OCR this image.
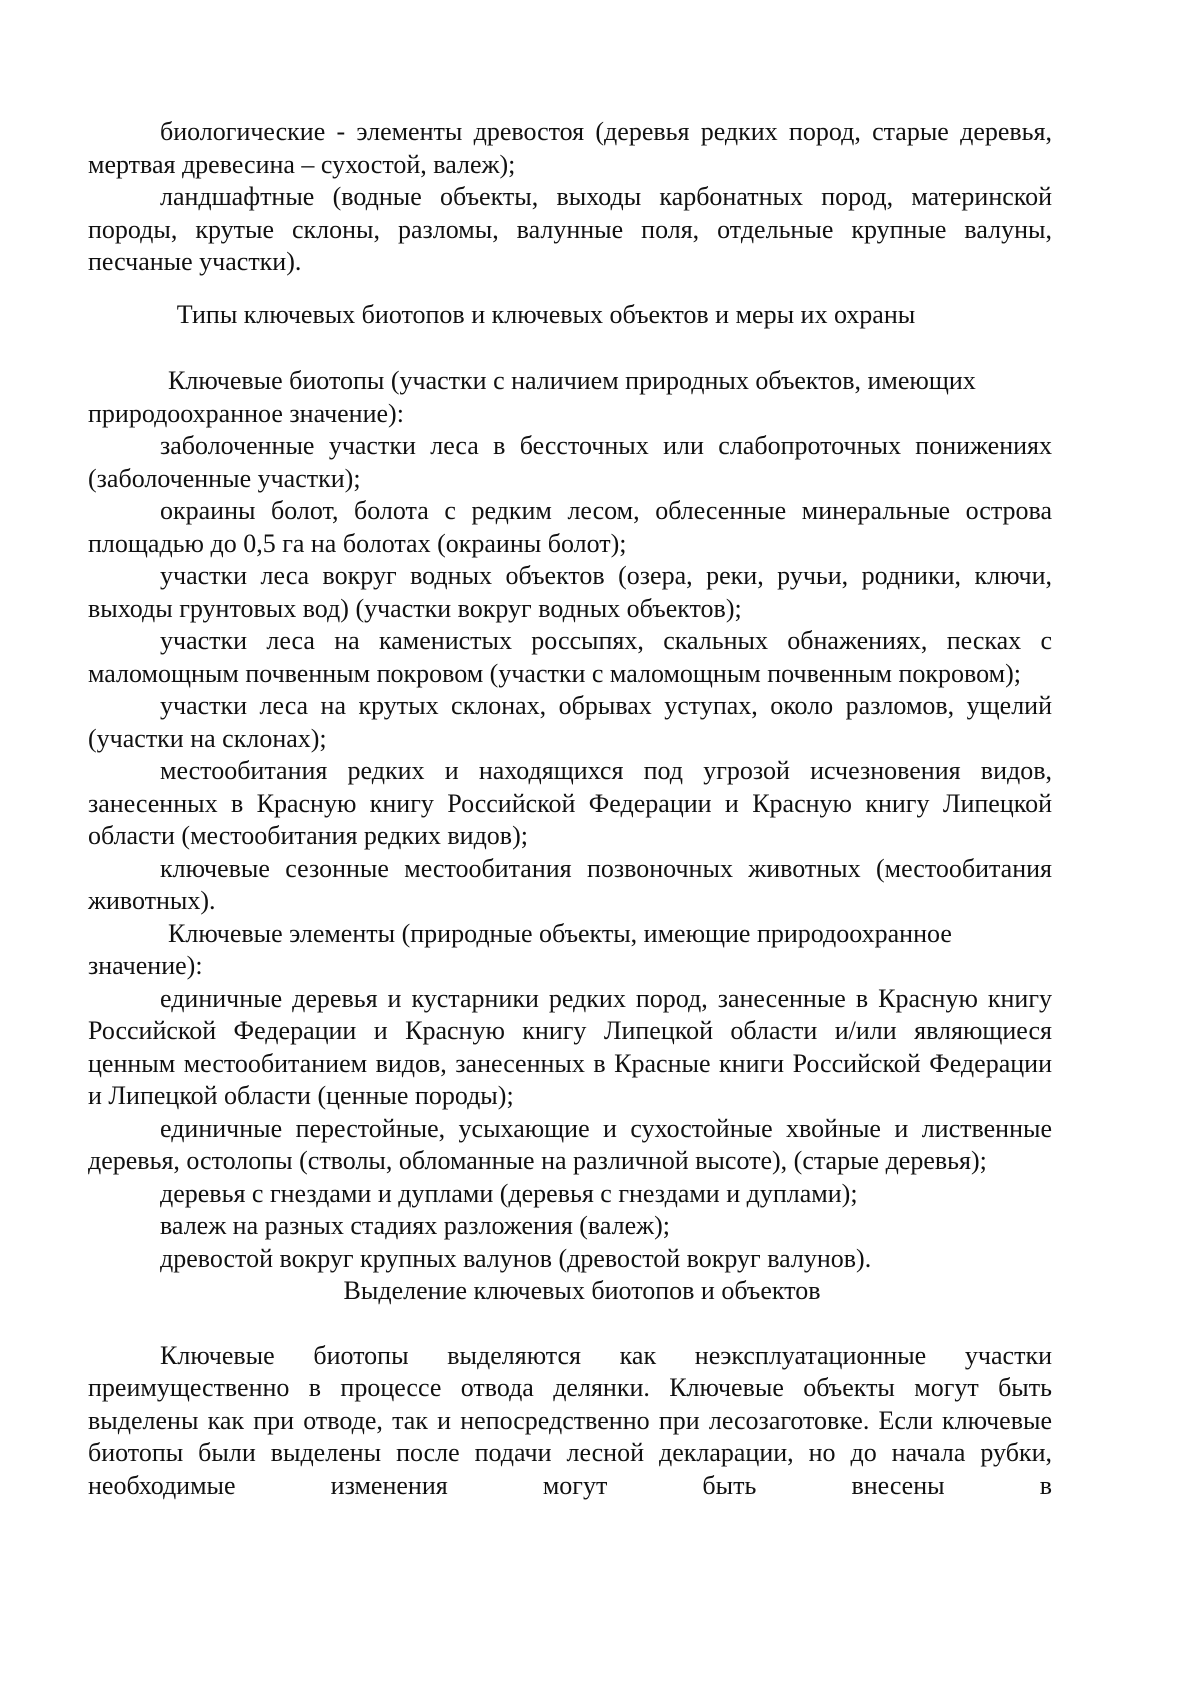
биологические - элементы древостоя (деревья редких пород, старые деревья, мертвая древесина – сухостой, валеж);

ландшафтные (водные объекты, выходы карбонатных пород, материнской породы, крутые склоны, разломы, валунные поля, отдельные крупные валуны, песчаные участки).

Типы ключевых биотопов и ключевых объектов и меры их охраны

Ключевые биотопы (участки с наличием природных объектов, имеющих природоохранное значение):

заболоченные участки леса в бессточных или слабопроточных понижениях (заболоченные участки);

окраины болот, болота с редким лесом, облесенные минеральные острова площадью до 0,5 га на болотах (окраины болот);

участки леса вокруг водных объектов (озера, реки, ручьи, родники, ключи, выходы грунтовых вод) (участки вокруг водных объектов);

участки леса на каменистых россыпях, скальных обнажениях, песках с маломощным почвенным покровом (участки с маломощным почвенным покровом);

участки леса на крутых склонах, обрывах уступах, около разломов, ущелий (участки на склонах);

местообитания редких и находящихся под угрозой исчезновения видов, занесенных в Красную книгу Российской Федерации и Красную книгу Липецкой области (местообитания редких видов);

ключевые сезонные местообитания позвоночных животных (местообитания животных).

Ключевые элементы (природные объекты, имеющие природоохранное значение):

единичные деревья и кустарники редких пород, занесенные в Красную книгу Российской Федерации и Красную книгу Липецкой области и/или являющиеся ценным местообитанием видов, занесенных в Красные книги Российской Федерации и Липецкой области (ценные породы);

единичные перестойные, усыхающие и сухостойные хвойные и лиственные деревья, остолопы (стволы, обломанные на различной высоте), (старые деревья);

деревья с гнездами и дуплами (деревья с гнездами и дуплами);

валеж на разных стадиях разложения (валеж);

древостой вокруг крупных валунов (древостой вокруг валунов).

Выделение ключевых биотопов и объектов

Ключевые биотопы выделяются как неэксплуатационные участки преимущественно в процессе отвода делянки. Ключевые объекты могут быть выделены как при отводе, так и непосредственно при лесозаготовке. Если ключевые биотопы были выделены после подачи лесной декларации, но до начала рубки, необходимые изменения могут быть внесены в
